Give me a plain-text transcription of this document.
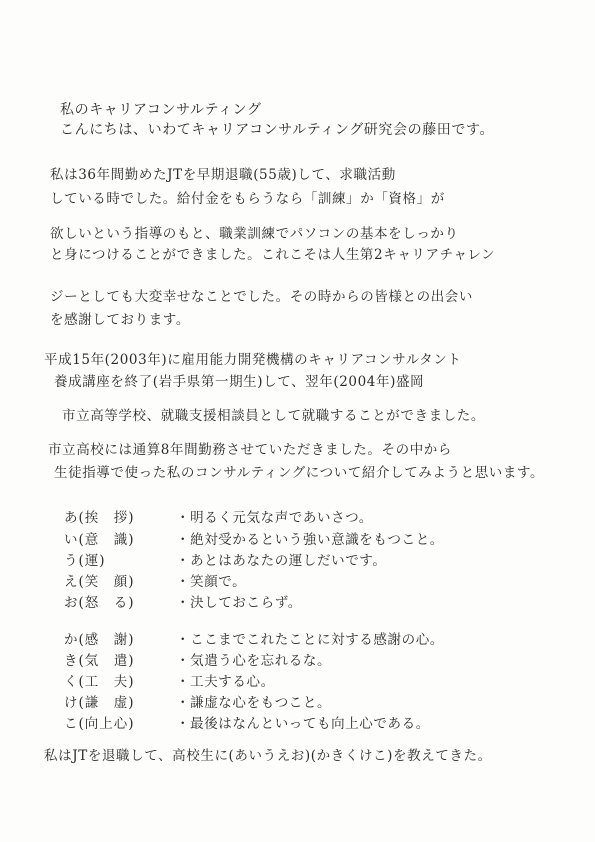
私のキャリアコンサルティング
こんにちは、いわてキャリアコンサルティング研究会の藤田です。
私は36年間勤めたJTを早期退職(55歳)して、求職活動
している時でした。給付金をもらうなら「訓練」か「資格」が
欲しいという指導のもと、職業訓練でパソコンの基本をしっかり
と身につけることができました。これこそは人生第2キャリアチャレン
ジーとしても大変幸せなことでした。その時からの皆様との出会い
を感謝しております。
平成15年(2003年)に雇用能力開発機構のキャリアコンサルタント
養成講座を終了(岩手県第一期生)して、翌年(2004年)盛岡
市立高等学校、就職支援相談員として就職することができました。
市立高校には通算8年間勤務させていただきました。その中から
生徒指導で使った私のコンサルティングについて紹介してみようと思います。
あ(挨　拶)	・明るく元気な声であいさつ。
い(意　識)	・絶対受かるという強い意識をもつこと。
う(運)	・あとはあなたの運しだいです。
え(笑　顔)	・笑顔で。
お(怒　る)	・決しておこらず。
か(感　謝)	・ここまでこれたことに対する感謝の心。
き(気　遣)	・気遣う心を忘れるな。
く(工　夫)	・工夫する心。
け(謙　虚)	・謙虚な心をもつこと。
こ(向上心)	・最後はなんといっても向上心である。
私はJTを退職して、高校生に(あいうえお)(かきくけこ)を教えてきた。
